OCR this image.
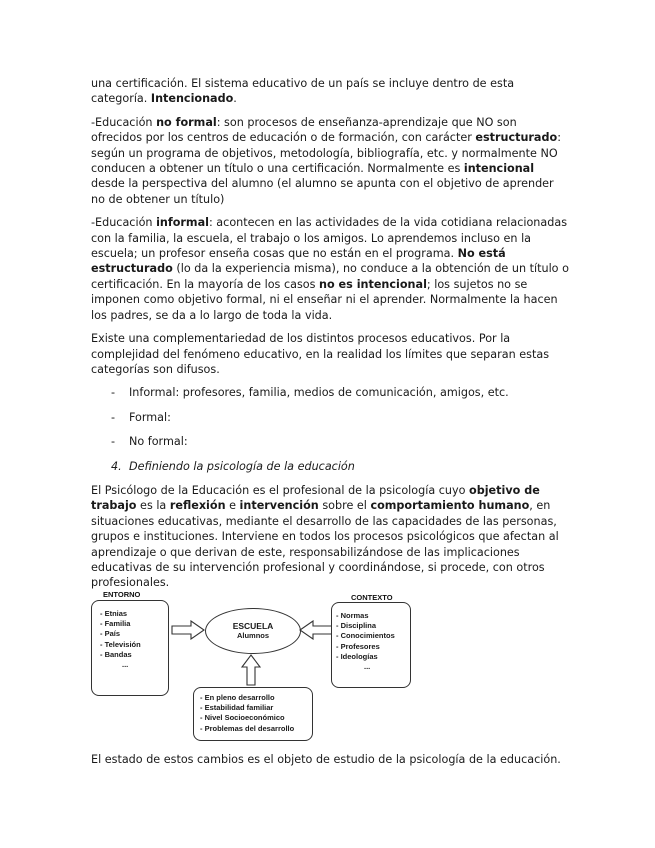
una certificación. El sistema educativo de un país se incluye dentro de esta categoría. Intencionado.

-Educación no formal: son procesos de enseñanza-aprendizaje que NO son ofrecidos por los centros de educación o de formación, con carácter estructurado: según un programa de objetivos, metodología, bibliografía, etc. y normalmente NO conducen a obtener un título o una certificación. Normalmente es intencional desde la perspectiva del alumno (el alumno se apunta con el objetivo de aprender no de obtener un título)

-Educación informal: acontecen en las actividades de la vida cotidiana relacionadas con la familia, la escuela, el trabajo o los amigos. Lo aprendemos incluso en la escuela; un profesor enseña cosas que no están en el programa. No está estructurado (lo da la experiencia misma), no conduce a la obtención de un título o certificación. En la mayoría de los casos no es intencional; los sujetos no se imponen como objetivo formal, ni el enseñar ni el aprender. Normalmente la hacen los padres, se da a lo largo de toda la vida.

Existe una complementariedad de los distintos procesos educativos. Por la complejidad del fenómeno educativo, en la realidad los límites que separan estas categorías son difusos.

- Informal: profesores, familia, medios de comunicación, amigos, etc.
- Formal:
- No formal:
4. Definiendo la psicología de la educación

El Psicólogo de la Educación es el profesional de la psicología cuyo objetivo de trabajo es la reflexión e intervención sobre el comportamiento humano, en situaciones educativas, mediante el desarrollo de las capacidades de las personas, grupos e instituciones. Interviene en todos los procesos psicológicos que afectan al aprendizaje o que derivan de este, responsabilizándose de las implicaciones educativas de su intervención profesional y coordinándose, si procede, con otros profesionales.

ENTORNO
- Etnias
- Familia
- País
- Televisión
- Bandas
...
ESCUELA
Alumnos
CONTEXTO
- Normas
- Disciplina
- Conocimientos
- Profesores
- Ideologías
...
- En pleno desarrollo
- Estabilidad familiar
- Nivel Socioeconómico
- Problemas del desarrollo

El estado de estos cambios es el objeto de estudio de la psicología de la educación.
